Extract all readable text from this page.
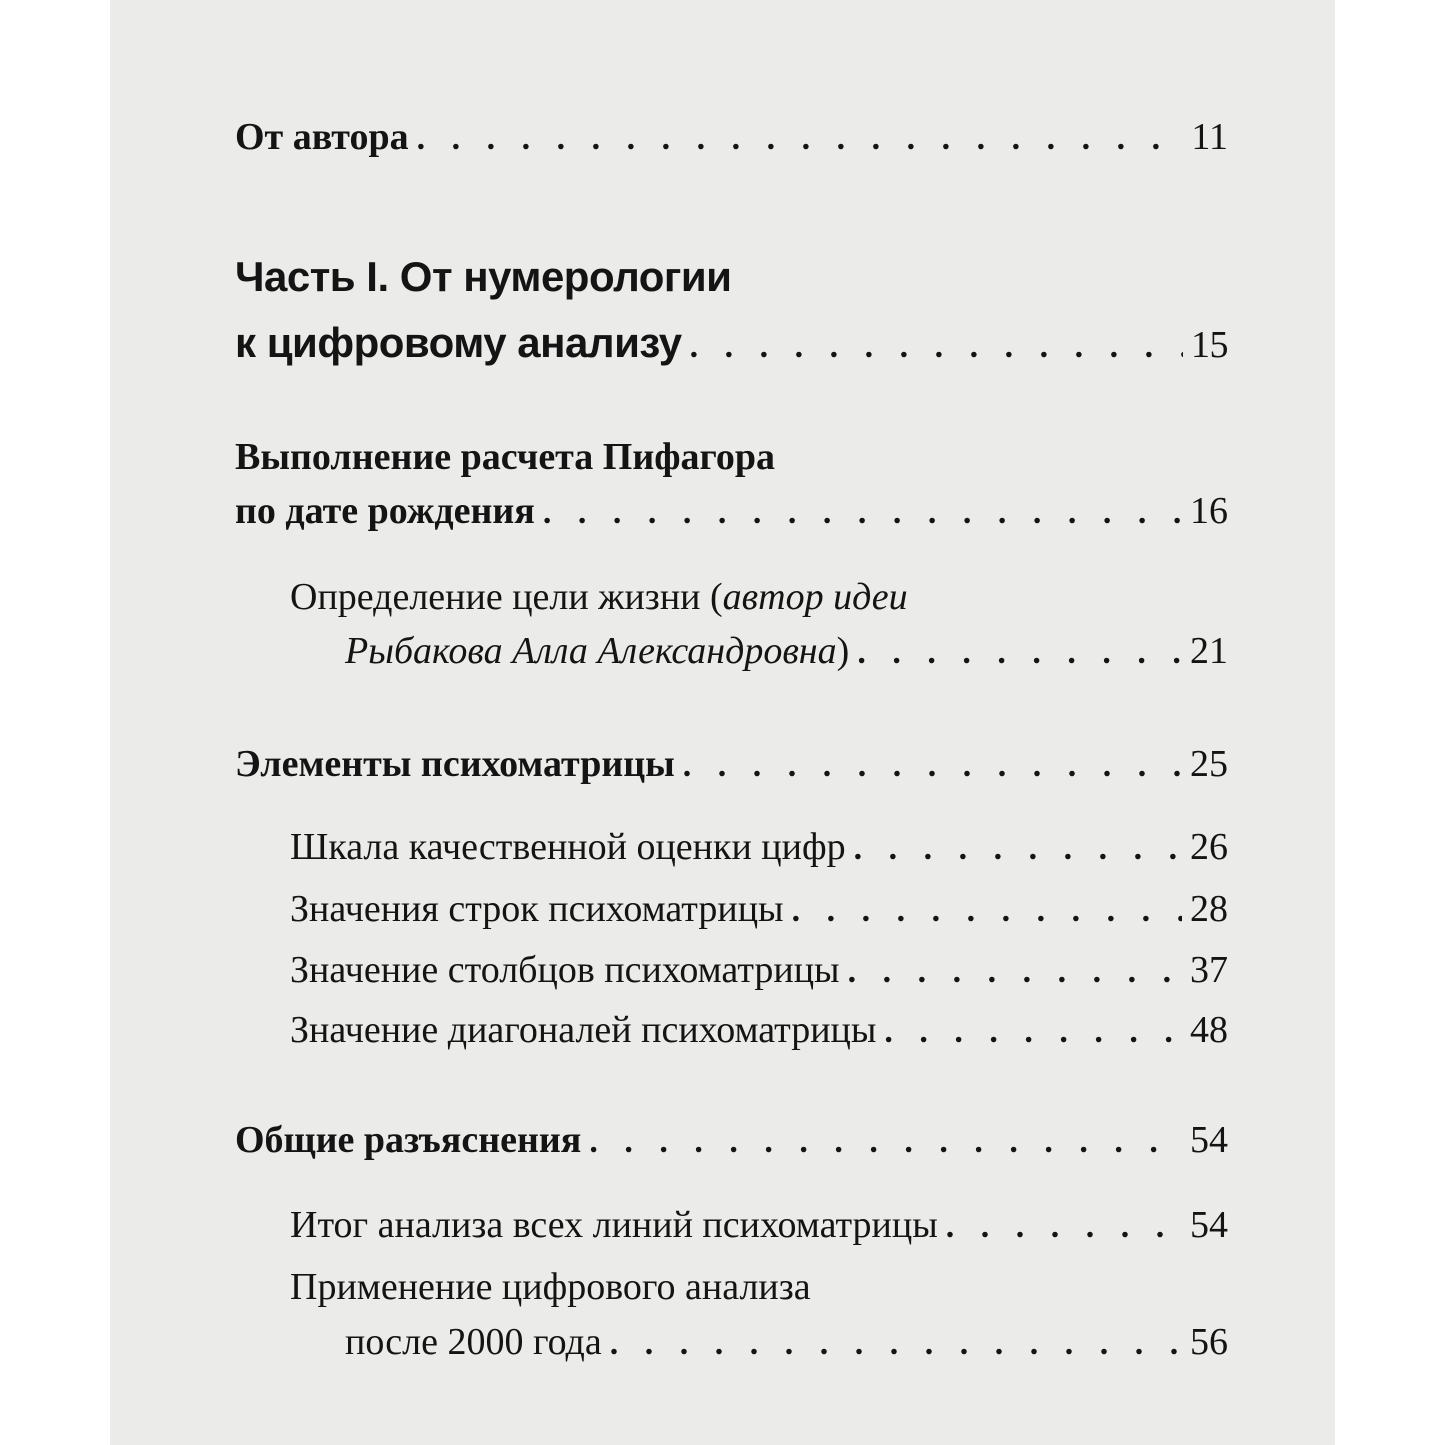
От автора . . .	11
Часть I. От нумерологии
к цифровому анализу . . .	15
Выполнение расчета Пифагора
по дате рождения . . .	16
Определение цели жизни ( автор идеи
Рыбакова Алла Александровна ) . . .	21
Элементы психоматрицы . . .	25
Шкала качественной оценки цифр . . .	26
Значения строк психоматрицы . . .	28
Значение столбцов психоматрицы . . .	37
Значение диагоналей психоматрицы . . .	48
Общие разъяснения . . .	54
Итог анализа всех линий психоматрицы . . .	54
Применение цифрового анализа
после 2000 года . . .	56
